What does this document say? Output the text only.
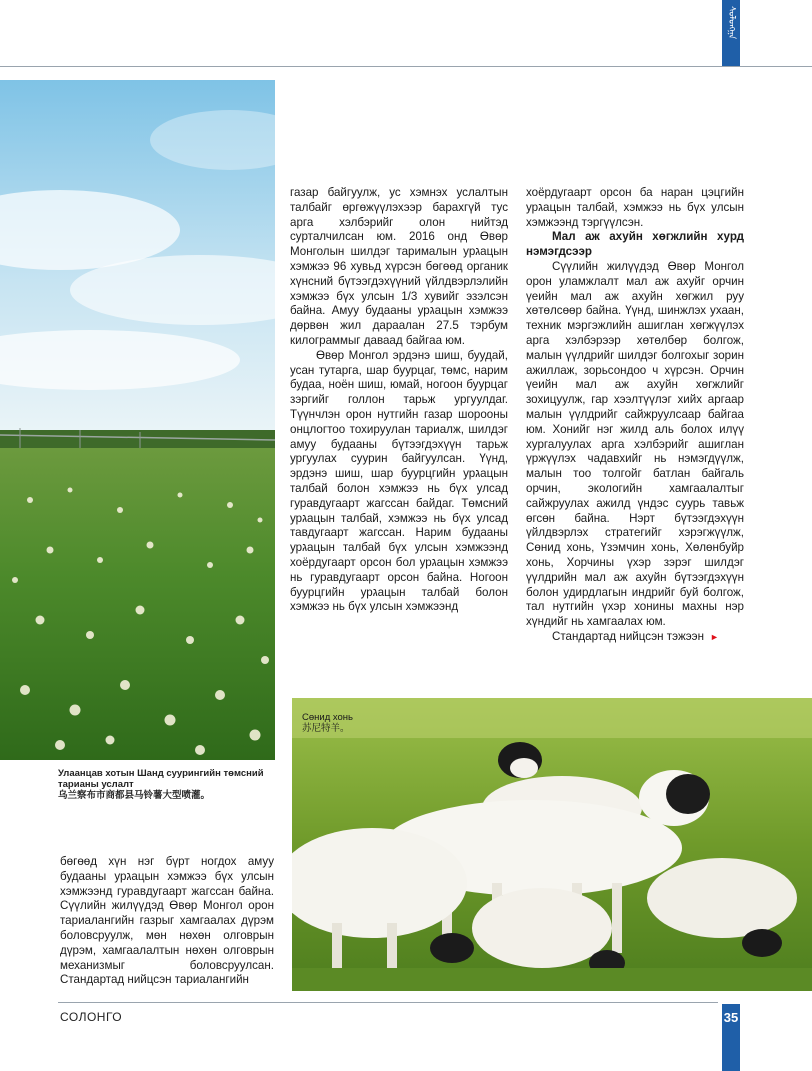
ᠰᠣᠯᠣᠩᠭ᠋ᠠ
Улаанцав хотын Шанд суурингийн төмсний тарианы услалт
乌兰察布市商都县马铃薯大型喷灌。

газар байгуулж, ус хэмнэх услалтын талбайг өргөжүүлэхээр барахгүй тус арга хэлбэрийг олон нийтэд сурталчилсан юм. 2016 онд Өвөр Монголын шилдэг тарималын урגацын хэмжээ 96 хувьд хүрсэн бөгөөд органик хүнсний бүтээгдэхүүний үйлдвэрлэлийн хэмжээ бүх улсын 1/3 хувийг эзэлсэн байна. Амуу будааны урגацын хэмжээ дөрвөн жил дараалан 27.5 тэрбум килограммыг даваад байгаа юм.

Өвөр Монгол эрдэнэ шиш, буудай, усан тутарга, шар буурцаг, төмс, нарим будаа, ноён шиш, юмай, ногоон буурцаг зэргийг голлон тарьж ургуулдаг. Түүнчлэн орон нутгийн газар шорооны онцлогтоо тохируулан тариалж, шилдэг амуу будааны бүтээгдэхүүн тарьж ургуулах суурин байгуулсан. Үүнд, эрдэнэ шиш, шар буурцгийн урגацын талбай болон хэмжээ нь бүх улсад гуравдугаарт жагссан байдаг. Төмсний урגацын талбай, хэмжээ нь бүх улсад тавдугаарт жагссан. Нарим будааны урגацын талбай бүх улсын хэмжээнд хоёрдугаарт орсон бол урגацын хэмжээ нь гуравдугаарт орсон байна. Ногоон буурцгийн урגацын талбай болон хэмжээ нь бүх улсын хэмжээнд

хоёрдугаарт орсон ба наран цэцгийн урגацын талбай, хэмжээ нь бүх улсын хэмжээнд тэргүүлсэн.

Мал аж ахуйн хөгжлийн хурд нэмэгдсээр

Сүүлийн жилүүдэд Өвөр Монгол орон уламжлалт мал аж ахуйг орчин үеийн мал аж ахуйн хөгжил руу хөтөлсөөр байна. Үүнд, шинжлэх ухаан, техник мэргэжлийн ашиглан хөгжүүлэх арга хэлбэрээр хөтөлбөр болгож, малын үүлдрийг шилдэг болгохыг зорин ажиллаж, зорьсондоо ч хүрсэн. Орчин үеийн мал аж ахуйн хөгжлийг зохицуулж, гар хээлтүүлэг хийх аргаар малын үүлдрийг сайжруулсаар байгаа юм. Хонийг нэг жилд аль болох илүү хургалуулах арга хэлбэрийг ашиглан үржүүлэх чадавхийг нь нэмэгдүүлж, малын тоо толгойг батлан байгаль орчин, экологийн хамгаалалтыг сайжруулах ажилд үндэс суурь тавьж өгсөн байна. Нэрт бүтээгдэхүүн үйлдвэрлэх стратегийг хэрэгжүүлж, Сөнид хонь, Үзэмчин хонь, Хөлөнбуйр хонь, Хорчины үхэр зэрэг шилдэг үүлдрийн мал аж ахуйн бүтээгдэхүүн болон удирдлагын индрийг буй болгож, тал нутгийн үхэр хонины махны нэр хүндийг нь хамгаалах юм.

Стандартад нийцсэн тэжээн ►

Сөнид хонь
苏尼特羊。

бөгөөд хүн нэг бүрт ногдох амуу будааны урגацын хэмжээ бүх улсын хэмжээнд гуравдугаарт жагссан байна. Сүүлийн жилүүдэд Өвөр Монгол орон тариалангийн газрыг хамгаалах дүрэм боловсруулж, мөн нөхөн олговрын дүрэм, хамгаалалтын нөхөн олговрын механизмыг боловсруулсан. Стандартад нийцсэн тариалангийн

СОЛОНГО	35
